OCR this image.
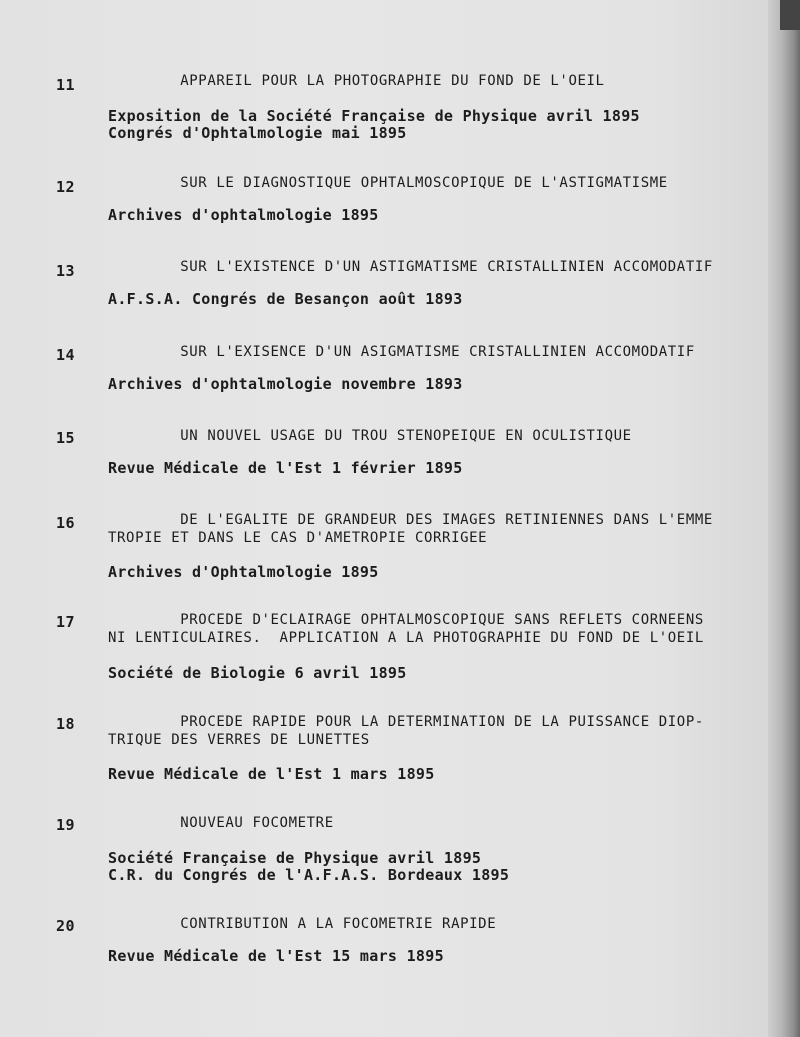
11 APPAREIL POUR LA PHOTOGRAPHIE DU FOND DE L'OEIL
Exposition de la Société Française de Physique avril 1895
Congrés d'Ophtalmologie mai 1895
12 SUR LE DIAGNOSTIQUE OPHTALMOSCOPIQUE DE L'ASTIGMATISME
Archives d'ophtalmologie 1895
13 SUR L'EXISTENCE D'UN ASTIGMATISME CRISTALLINIEN ACCOMODATIF
A.F.S.A. Congrés de Besançon août 1893
14 SUR L'EXISENCE D'UN ASIGMATISME CRISTALLINIEN ACCOMODATIF
Archives d'ophtalmologie novembre 1893
15 UN NOUVEL USAGE DU TROU STENOPEIQUE EN OCULISTIQUE
Revue Médicale de l'Est 1 février 1895
16	DE L'EGALITE DE GRANDEUR DES IMAGES RETINIENNES DANS L'EMME
TROPIE ET DANS LE CAS D'AMETROPIE CORRIGEE
Archives d'Ophtalmologie 1895
17	PROCEDE D'ECLAIRAGE OPHTALMOSCOPIQUE SANS REFLETS CORNEENS
NI LENTICULAIRES.  APPLICATION A LA PHOTOGRAPHIE DU FOND DE L'OEIL
Société de Biologie 6 avril 1895
18	PROCEDE RAPIDE POUR LA DETERMINATION DE LA PUISSANCE DIOP-
TRIQUE DES VERRES DE LUNETTES
Revue Médicale de l'Est 1 mars 1895
19 NOUVEAU FOCOMETRE
Société Française de Physique avril 1895
C.R. du Congrés de l'A.F.A.S. Bordeaux 1895
20 CONTRIBUTION A LA FOCOMETRIE RAPIDE
Revue Médicale de l'Est 15 mars 1895
